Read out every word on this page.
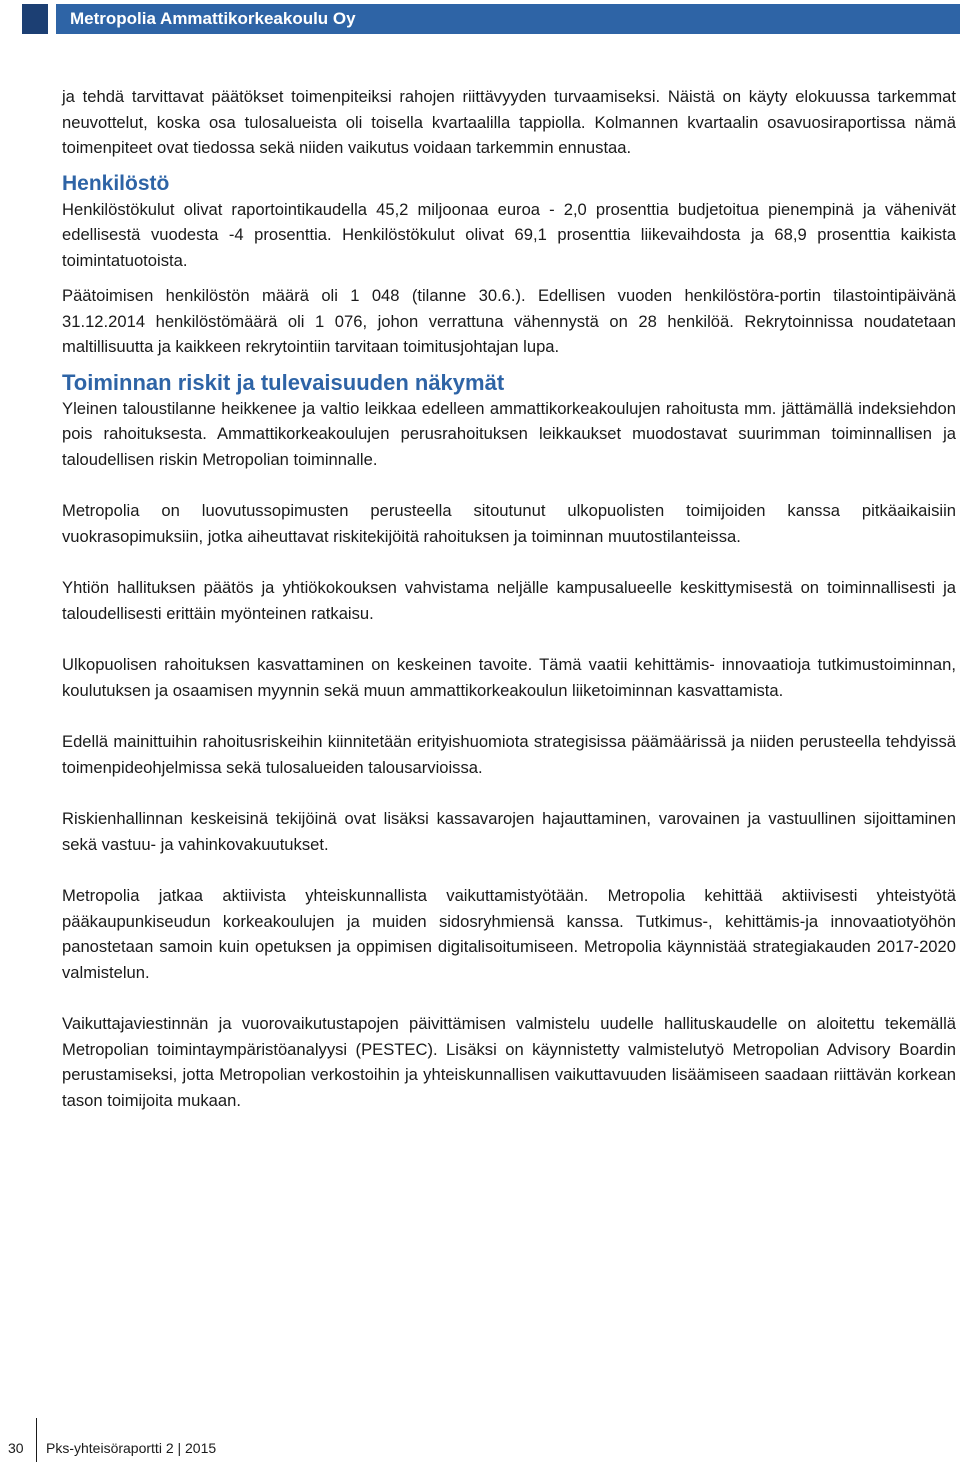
Metropolia Ammattikorkeakoulu Oy

ja tehdä tarvittavat päätökset toimenpiteiksi rahojen riittävyyden turvaamiseksi. Näistä on käyty elokuussa tarkemmat neuvottelut, koska osa tulosalueista oli toisella kvartaalilla tappiolla. Kolmannen kvartaalin osavuosiraportissa nämä toimenpiteet ovat tiedossa sekä niiden vaikutus voidaan tarkemmin ennustaa.

Henkilöstö

Henkilöstökulut olivat raportointikaudella 45,2 miljoonaa euroa - 2,0 prosenttia budjetoitua pienempinä ja vähenivät edellisestä vuodesta -4 prosenttia. Henkilöstökulut olivat 69,1 prosenttia liikevaihdosta ja 68,9 prosenttia kaikista toimintatuotoista.

Päätoimisen henkilöstön määrä oli 1 048 (tilanne 30.6.). Edellisen vuoden henkilöstöra-portin tilastointipäivänä 31.12.2014 henkilöstömäärä oli 1 076, johon verrattuna vähennystä on 28 henkilöä. Rekrytoinnissa noudatetaan maltillisuutta ja kaikkeen rekrytointiin tarvitaan toimitusjohtajan lupa.

Toiminnan riskit ja tulevaisuuden näkymät

Yleinen taloustilanne heikkenee ja valtio leikkaa edelleen ammattikorkeakoulujen rahoitusta mm. jättämällä indeksiehdon pois rahoituksesta. Ammattikorkeakoulujen perusrahoituksen leikkaukset muodostavat suurimman toiminnallisen ja taloudellisen riskin Metropolian toiminnalle.

Metropolia on luovutussopimusten perusteella sitoutunut ulkopuolisten toimijoiden kanssa pitkäaikaisiin vuokrasopimuksiin, jotka aiheuttavat riskitekijöitä rahoituksen ja toiminnan muutostilanteissa.

Yhtiön hallituksen päätös ja yhtiökokouksen vahvistama neljälle kampusalueelle keskittymisestä on toiminnallisesti ja taloudellisesti erittäin myönteinen ratkaisu.

Ulkopuolisen rahoituksen kasvattaminen on keskeinen tavoite. Tämä vaatii kehittämis- innovaatioja tutkimustoiminnan, koulutuksen ja osaamisen myynnin sekä muun ammattikorkeakoulun liiketoiminnan kasvattamista.

Edellä mainittuihin rahoitusriskeihin kiinnitetään erityishuomiota strategisissa päämäärissä ja niiden perusteella tehdyissä toimenpideohjelmissa sekä tulosalueiden talousarvioissa.

Riskienhallinnan keskeisinä tekijöinä ovat lisäksi kassavarojen hajauttaminen, varovainen ja vastuullinen sijoittaminen sekä vastuu- ja vahinkovakuutukset.

Metropolia jatkaa aktiivista yhteiskunnallista vaikuttamistyötään. Metropolia kehittää aktiivisesti yhteistyötä pääkaupunkiseudun korkeakoulujen ja muiden sidosryhmiensä kanssa. Tutkimus-, kehittämis-ja innovaatiotyöhön panostetaan samoin kuin opetuksen ja oppimisen digitalisoitumiseen. Metropolia käynnistää strategiakauden 2017-2020 valmistelun.

Vaikuttajaviestinnän ja vuorovaikutustapojen päivittämisen valmistelu uudelle hallituskaudelle on aloitettu tekemällä Metropolian toimintaympäristöanalyysi (PESTEC). Lisäksi on käynnistetty valmistelutyö Metropolian Advisory Boardin perustamiseksi, jotta Metropolian verkostoihin ja yhteiskunnallisen vaikuttavuuden lisäämiseen saadaan riittävän korkean tason toimijoita mukaan.

30 Pks-yhteisöraportti 2 | 2015
